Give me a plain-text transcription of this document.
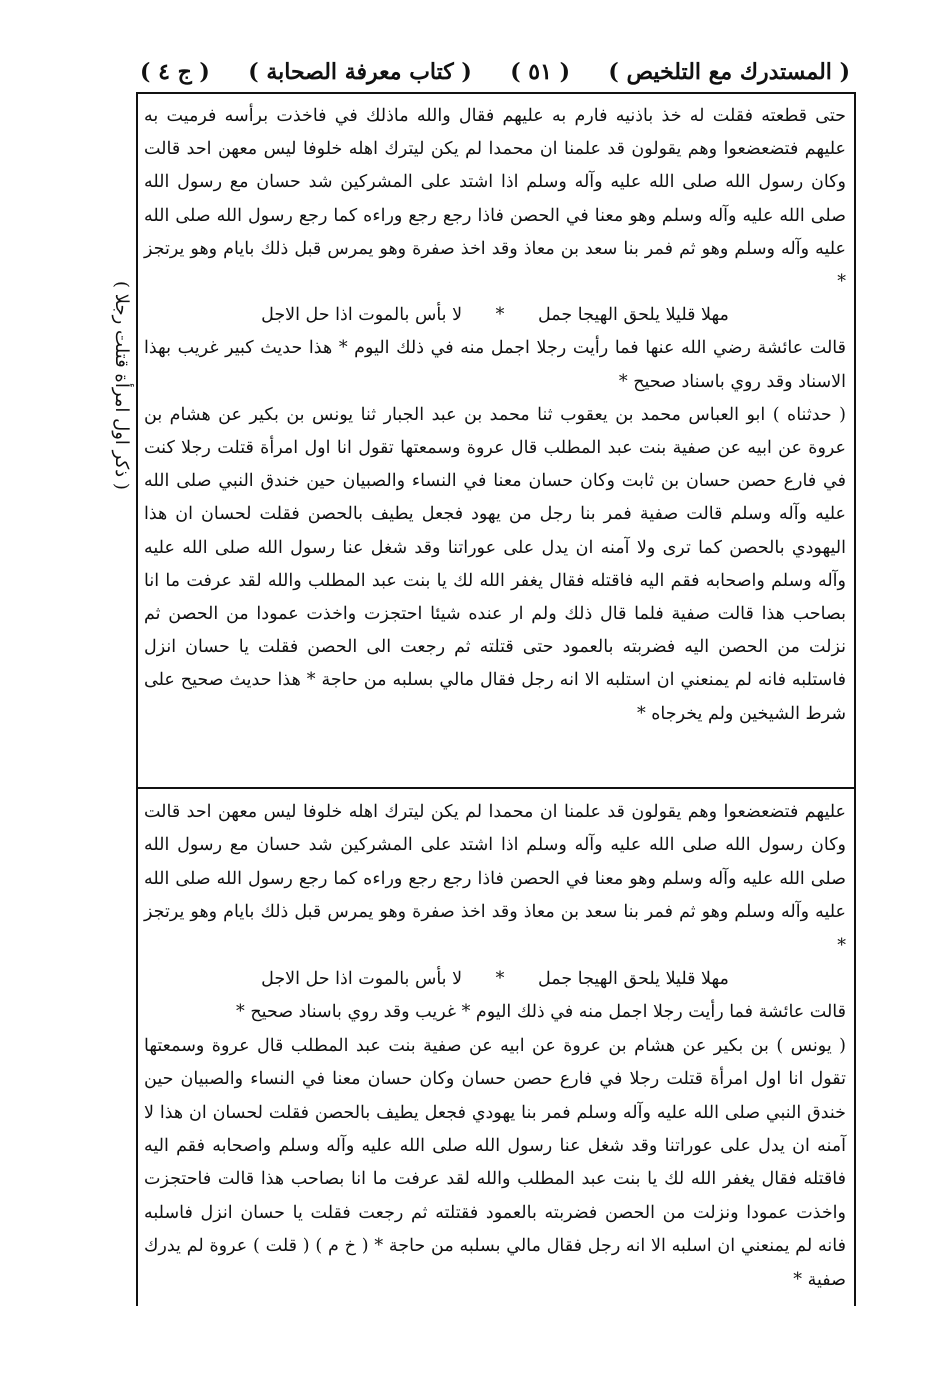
( المستدرك مع التلخيص )
( ٥١ )
( كتاب معرفة الصحابة )
( ج ٤ )
( ذكر اول امرأة قتلت رجلا )

حتى قطعته فقلت له خذ باذنيه فارم به عليهم فقال والله ماذلك في فاخذت برأسه فرميت به عليهم فتضعضعوا وهم يقولون قد علمنا ان محمدا لم يكن ليترك اهله خلوفا ليس معهن احد قالت وكان رسول الله صلى الله عليه وآله وسلم اذا اشتد على المشركين شد حسان مع رسول الله صلى الله عليه وآله وسلم وهو معنا في الحصن فاذا رجع رجع وراءه كما رجع رسول الله صلى الله عليه وآله وسلم وهو ثم فمر بنا سعد بن معاذ وقد اخذ صفرة وهو يمرس قبل ذلك بايام وهو يرتجز *

مهلا قليلا يلحق الهيجا جمل * لا بأس بالموت اذا حل الاجل

قالت عائشة رضي الله عنها فما رأيت رجلا اجمل منه في ذلك اليوم * هذا حديث كبير غريب بهذا الاسناد وقد روي باسناد صحيح *

( حدثناه ) ابو العباس محمد بن يعقوب ثنا محمد بن عبد الجبار ثنا يونس بن بكير عن هشام بن عروة عن ابيه عن صفية بنت عبد المطلب قال عروة وسمعتها تقول انا اول امرأة قتلت رجلا كنت في فارع حصن حسان بن ثابت وكان حسان معنا في النساء والصبيان حين خندق النبي صلى الله عليه وآله وسلم قالت صفية فمر بنا رجل من يهود فجعل يطيف بالحصن فقلت لحسان ان هذا اليهودي بالحصن كما ترى ولا آمنه ان يدل على عوراتنا وقد شغل عنا رسول الله صلى الله عليه وآله وسلم واصحابه فقم اليه فاقتله فقال يغفر الله لك يا بنت عبد المطلب والله لقد عرفت ما انا بصاحب هذا قالت صفية فلما قال ذلك ولم ار عنده شيئا احتجزت واخذت عمودا من الحصن ثم نزلت من الحصن اليه فضربته بالعمود حتى قتلته ثم رجعت الى الحصن فقلت يا حسان انزل فاستلبه فانه لم يمنعني ان استلبه الا انه رجل فقال مالي بسلبه من حاجة * هذا حديث صحيح على شرط الشيخين ولم يخرجاه *

عليهم فتضعضعوا وهم يقولون قد علمنا ان محمدا لم يكن ليترك اهله خلوفا ليس معهن احد قالت وكان رسول الله صلى الله عليه وآله وسلم اذا اشتد على المشركين شد حسان مع رسول الله صلى الله عليه وآله وسلم وهو معنا في الحصن فاذا رجع رجع وراءه كما رجع رسول الله صلى الله عليه وآله وسلم وهو ثم فمر بنا سعد بن معاذ وقد اخذ صفرة وهو يمرس قبل ذلك بايام وهو يرتجز *

مهلا قليلا يلحق الهيجا جمل * لا بأس بالموت اذا حل الاجل

قالت عائشة فما رأيت رجلا اجمل منه في ذلك اليوم * غريب وقد روي باسناد صحيح *

( يونس ) بن بكير عن هشام بن عروة عن ابيه عن صفية بنت عبد المطلب قال عروة وسمعتها تقول انا اول امرأة قتلت رجلا في فارع حصن حسان وكان حسان معنا في النساء والصبيان حين خندق النبي صلى الله عليه وآله وسلم فمر بنا يهودي فجعل يطيف بالحصن فقلت لحسان ان هذا لا آمنه ان يدل على عوراتنا وقد شغل عنا رسول الله صلى الله عليه وآله وسلم واصحابه فقم اليه فاقتله فقال يغفر الله لك يا بنت عبد المطلب والله لقد عرفت ما انا بصاحب هذا قالت فاحتجزت واخذت عمودا ونزلت من الحصن فضربته بالعمود فقتلته ثم رجعت فقلت يا حسان انزل فاسلبه فانه لم يمنعني ان اسلبه الا انه رجل فقال مالي بسلبه من حاجة * ( خ م ) ( قلت ) عروة لم يدرك صفية *
